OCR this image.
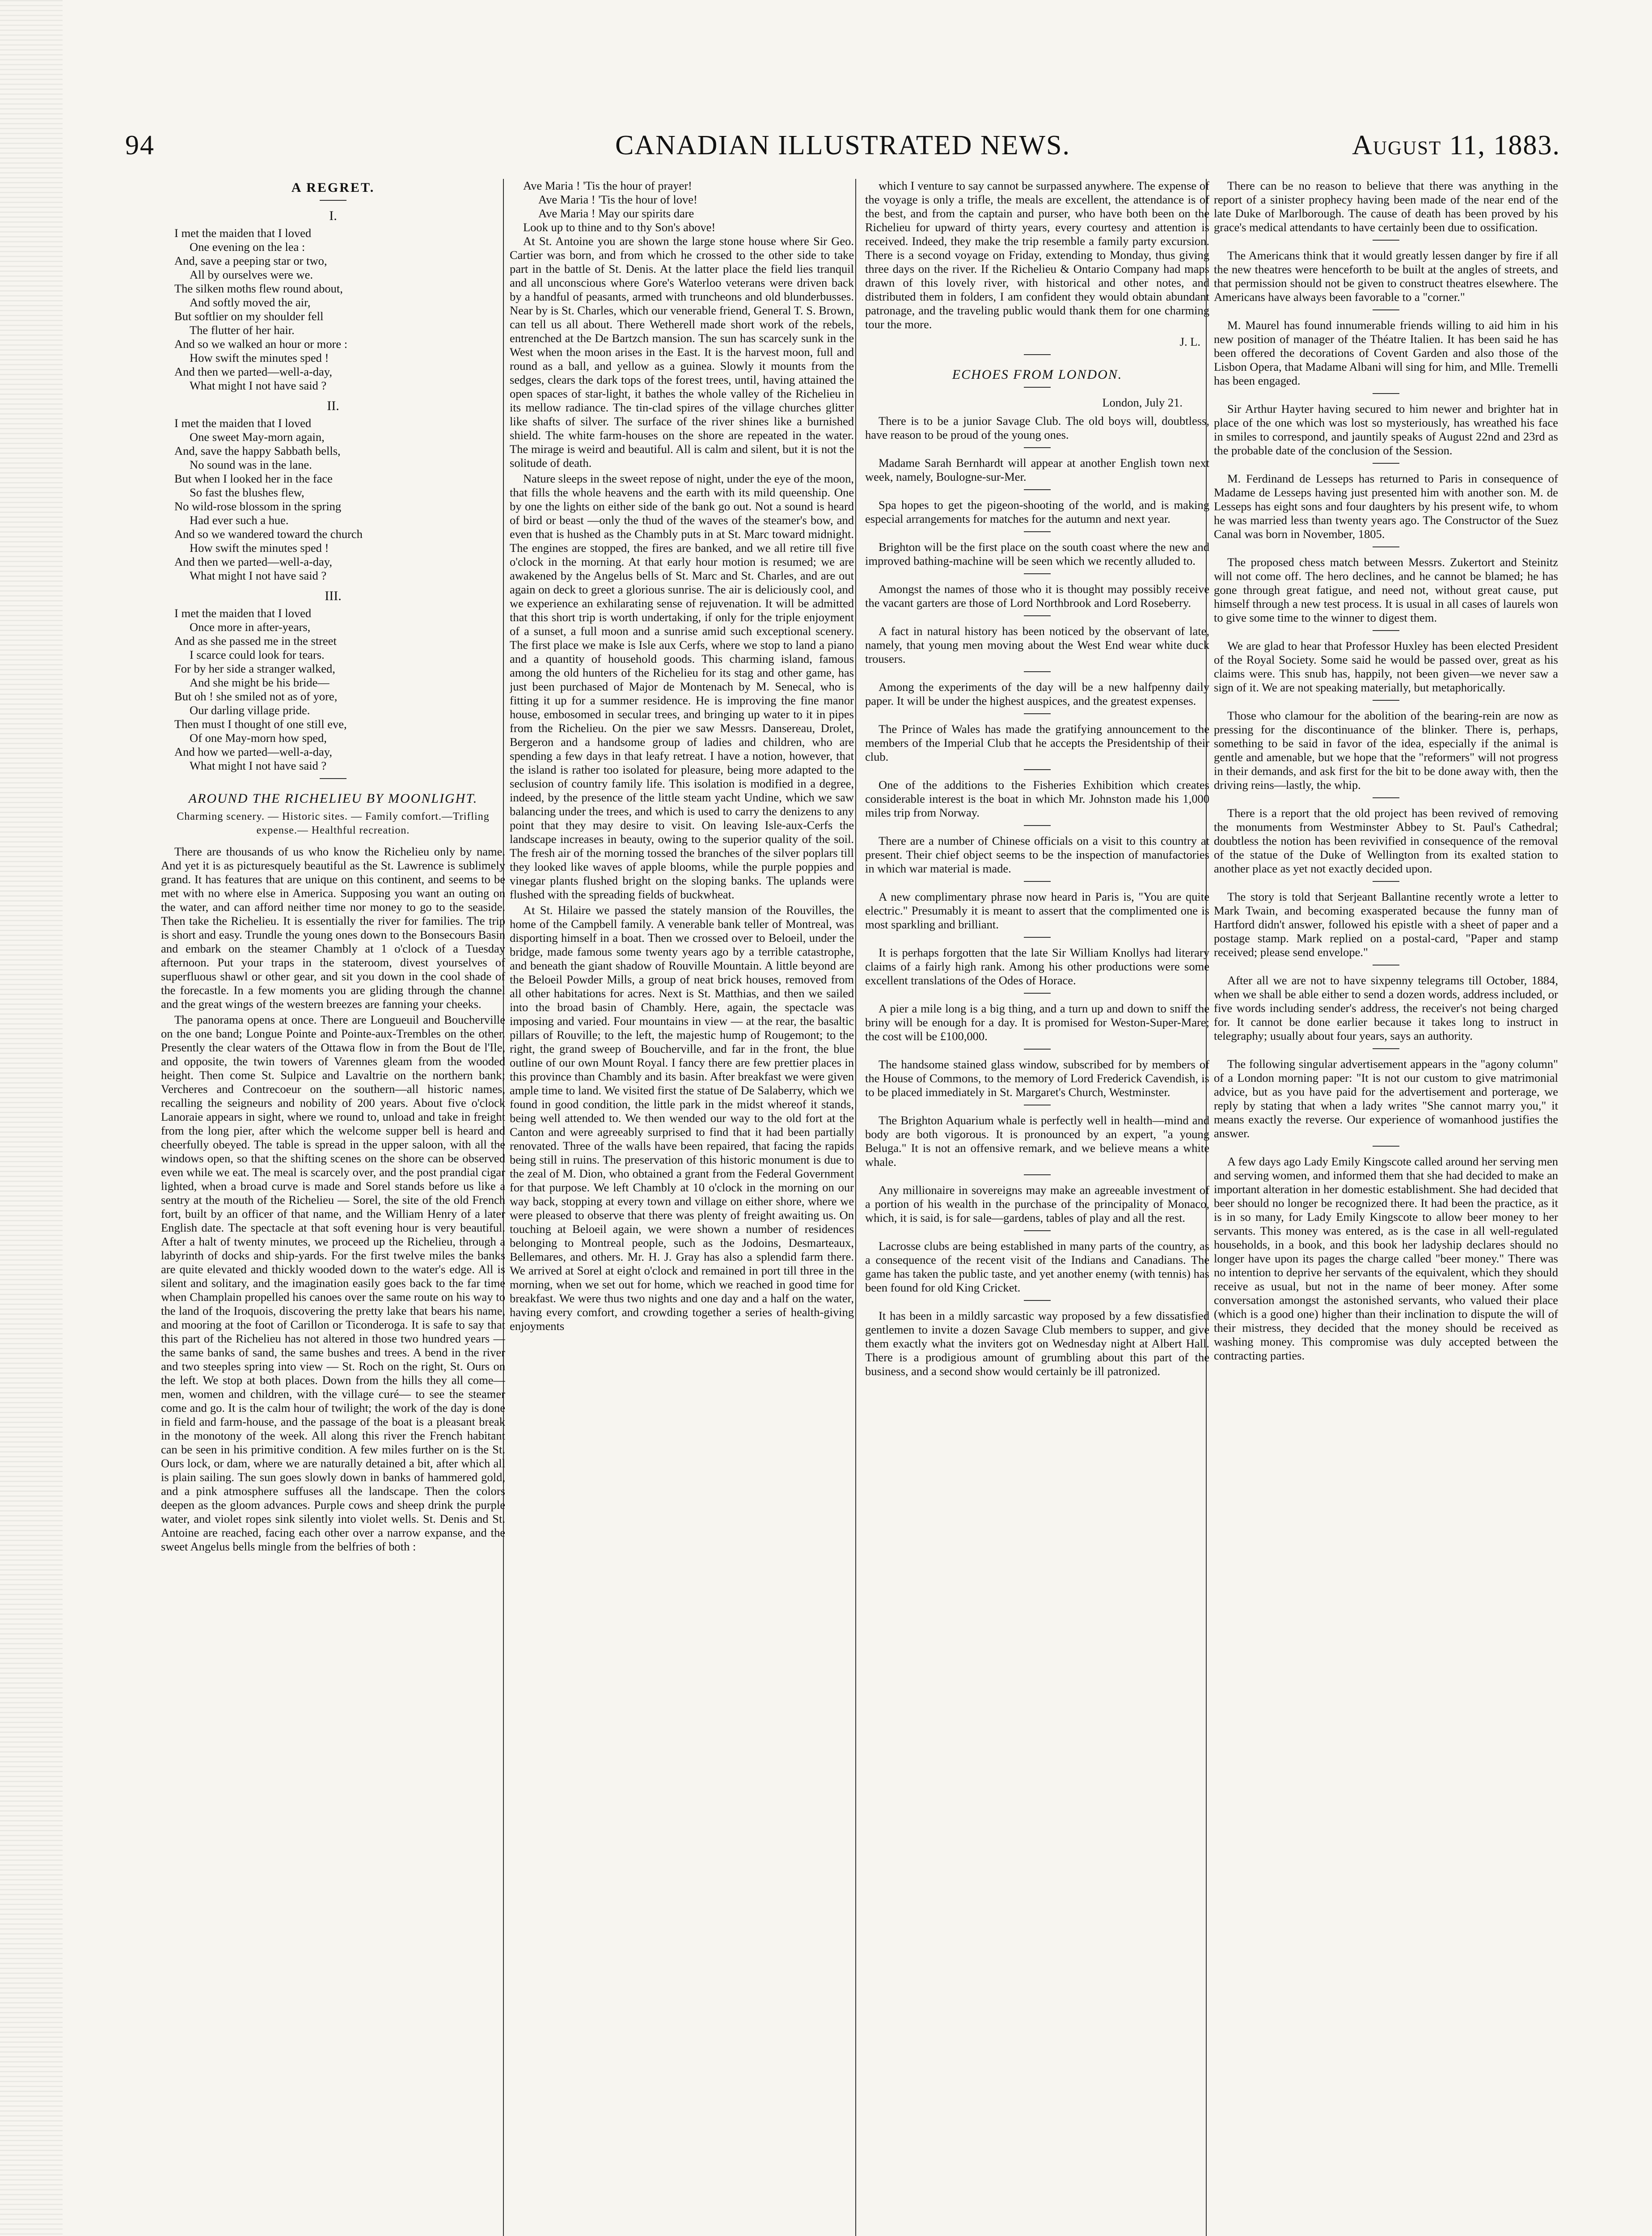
94	CANADIAN ILLUSTRATED NEWS.	August 11, 1883.
A REGRET.
I.
I met the maiden that I loved
One evening on the lea :
And, save a peeping star or two,
All by ourselves were we.
The silken moths flew round about,
And softly moved the air,
But softlier on my shoulder fell
The flutter of her hair.
And so we walked an hour or more :
How swift the minutes sped !
And then we parted—well-a-day,
What might I not have said ?
II.
I met the maiden that I loved
One sweet May-morn again,
And, save the happy Sabbath bells,
No sound was in the lane.
But when I looked her in the face
So fast the blushes flew,
No wild-rose blossom in the spring
Had ever such a hue.
And so we wandered toward the church
How swift the minutes sped !
And then we parted—well-a-day,
What might I not have said ?
III.
I met the maiden that I loved
Once more in after-years,
And as she passed me in the street
I scarce could look for tears.
For by her side a stranger walked,
And she might be his bride—
But oh ! she smiled not as of yore,
Our darling village pride.
Then must I thought of one still eve,
Of one May-morn how sped,
And how we parted—well-a-day,
What might I not have said ?
AROUND THE RICHELIEU BY MOONLIGHT.
Charming scenery. — Historic sites. — Family comfort.—Trifling expense.— Healthful recreation.

There are thousands of us who know the Richelieu only by name. And yet it is as picturesquely beautiful as the St. Lawrence is sublimely grand. It has features that are unique on this continent, and seems to be met with no where else in America. Supposing you want an outing on the water, and can afford neither time nor money to go to the seaside. Then take the Richelieu. It is essentially the river for families. The trip is short and easy. Trundle the young ones down to the Bonsecours Basin and embark on the steamer Chambly at 1 o'clock of a Tuesday afternoon. Put your traps in the stateroom, divest yourselves of superfluous shawl or other gear, and sit you down in the cool shade of the forecastle. In a few moments you are gliding through the channel and the great wings of the western breezes are fanning your cheeks.

The panorama opens at once. There are Longueuil and Boucherville on the one band; Longue Pointe and Pointe-aux-Trembles on the other. Presently the clear waters of the Ottawa flow in from the Bout de l'Ile, and opposite, the twin towers of Varennes gleam from the wooded height. Then come St. Sulpice and Lavaltrie on the northern bank; Vercheres and Contrecoeur on the southern—all historic names, recalling the seigneurs and nobility of 200 years. About five o'clock Lanoraie appears in sight, where we round to, unload and take in freight from the long pier, after which the welcome supper bell is heard and cheerfully obeyed. The table is spread in the upper saloon, with all the windows open, so that the shifting scenes on the shore can be observed even while we eat. The meal is scarcely over, and the post prandial cigar lighted, when a broad curve is made and Sorel stands before us like a sentry at the mouth of the Richelieu — Sorel, the site of the old French fort, built by an officer of that name, and the William Henry of a later English date. The spectacle at that soft evening hour is very beautiful. After a halt of twenty minutes, we proceed up the Richelieu, through a labyrinth of docks and ship-yards. For the first twelve miles the banks are quite elevated and thickly wooded down to the water's edge. All is silent and solitary, and the imagination easily goes back to the far time when Champlain propelled his canoes over the same route on his way to the land of the Iroquois, discovering the pretty lake that bears his name, and mooring at the foot of Carillon or Ticonderoga. It is safe to say that this part of the Richelieu has not altered in those two hundred years — the same banks of sand, the same bushes and trees. A bend in the river and two steeples spring into view — St. Roch on the right, St. Ours on the left. We stop at both places. Down from the hills they all come—men, women and children, with the village curé— to see the steamer come and go. It is the calm hour of twilight; the work of the day is done in field and farm-house, and the passage of the boat is a pleasant break in the monotony of the week. All along this river the French habitant can be seen in his primitive condition. A few miles further on is the St. Ours lock, or dam, where we are naturally detained a bit, after which all is plain sailing. The sun goes slowly down in banks of hammered gold, and a pink atmosphere suffuses all the landscape. Then the colors deepen as the gloom advances. Purple cows and sheep drink the purple water, and violet ropes sink silently into violet wells. St. Denis and St. Antoine are reached, facing each other over a narrow expanse, and the sweet Angelus bells mingle from the belfries of both :

Ave Maria ! 'Tis the hour of prayer!
Ave Maria ! 'Tis the hour of love!
Ave Maria ! May our spirits dare
Look up to thine and to thy Son's above!

At St. Antoine you are shown the large stone house where Sir Geo. Cartier was born, and from which he crossed to the other side to take part in the battle of St. Denis. At the latter place the field lies tranquil and all unconscious where Gore's Waterloo veterans were driven back by a handful of peasants, armed with truncheons and old blunderbusses. Near by is St. Charles, which our venerable friend, General T. S. Brown, can tell us all about. There Wetherell made short work of the rebels, entrenched at the De Bartzch mansion. The sun has scarcely sunk in the West when the moon arises in the East. It is the harvest moon, full and round as a ball, and yellow as a guinea. Slowly it mounts from the sedges, clears the dark tops of the forest trees, until, having attained the open spaces of star-light, it bathes the whole valley of the Richelieu in its mellow radiance. The tin-clad spires of the village churches glitter like shafts of silver. The surface of the river shines like a burnished shield. The white farm-houses on the shore are repeated in the water. The mirage is weird and beautiful. All is calm and silent, but it is not the solitude of death.

Nature sleeps in the sweet repose of night, under the eye of the moon, that fills the whole heavens and the earth with its mild queenship. One by one the lights on either side of the bank go out. Not a sound is heard of bird or beast —only the thud of the waves of the steamer's bow, and even that is hushed as the Chambly puts in at St. Marc toward midnight. The engines are stopped, the fires are banked, and we all retire till five o'clock in the morning. At that early hour motion is resumed; we are awakened by the Angelus bells of St. Marc and St. Charles, and are out again on deck to greet a glorious sunrise. The air is deliciously cool, and we experience an exhilarating sense of rejuvenation. It will be admitted that this short trip is worth undertaking, if only for the triple enjoyment of a sunset, a full moon and a sunrise amid such exceptional scenery. The first place we make is Isle aux Cerfs, where we stop to land a piano and a quantity of household goods. This charming island, famous among the old hunters of the Richelieu for its stag and other game, has just been purchased of Major de Montenach by M. Senecal, who is fitting it up for a summer residence. He is improving the fine manor house, embosomed in secular trees, and bringing up water to it in pipes from the Richelieu. On the pier we saw Messrs. Dansereau, Drolet, Bergeron and a handsome group of ladies and children, who are spending a few days in that leafy retreat. I have a notion, however, that the island is rather too isolated for pleasure, being more adapted to the seclusion of country family life. This isolation is modified in a degree, indeed, by the presence of the little steam yacht Undine, which we saw balancing under the trees, and which is used to carry the denizens to any point that they may desire to visit. On leaving Isle-aux-Cerfs the landscape increases in beauty, owing to the superior quality of the soil. The fresh air of the morning tossed the branches of the silver poplars till they looked like waves of apple blooms, while the purple poppies and vinegar plants flushed bright on the sloping banks. The uplands were flushed with the spreading fields of buckwheat.

At St. Hilaire we passed the stately mansion of the Rouvilles, the home of the Campbell family. A venerable bank teller of Montreal, was disporting himself in a boat. Then we crossed over to Beloeil, under the bridge, made famous some twenty years ago by a terrible catastrophe, and beneath the giant shadow of Rouville Mountain. A little beyond are the Beloeil Powder Mills, a group of neat brick houses, removed from all other habitations for acres. Next is St. Matthias, and then we sailed into the broad basin of Chambly. Here, again, the spectacle was imposing and varied. Four mountains in view — at the rear, the basaltic pillars of Rouville; to the left, the majestic hump of Rougemont; to the right, the grand sweep of Boucherville, and far in the front, the blue outline of our own Mount Royal. I fancy there are few prettier places in this province than Chambly and its basin. After breakfast we were given ample time to land. We visited first the statue of De Salaberry, which we found in good condition, the little park in the midst whereof it stands, being well attended to. We then wended our way to the old fort at the Canton and were agreeably surprised to find that it had been partially renovated. Three of the walls have been repaired, that facing the rapids being still in ruins. The preservation of this historic monument is due to the zeal of M. Dion, who obtained a grant from the Federal Government for that purpose. We left Chambly at 10 o'clock in the morning on our way back, stopping at every town and village on either shore, where we were pleased to observe that there was plenty of freight awaiting us. On touching at Beloeil again, we were shown a number of residences belonging to Montreal people, such as the Jodoins, Desmarteaux, Bellemares, and others. Mr. H. J. Gray has also a splendid farm there. We arrived at Sorel at eight o'clock and remained in port till three in the morning, when we set out for home, which we reached in good time for breakfast. We were thus two nights and one day and a half on the water, having every comfort, and crowding together a series of health-giving enjoyments

which I venture to say cannot be surpassed anywhere. The expense of the voyage is only a trifle, the meals are excellent, the attendance is of the best, and from the captain and purser, who have both been on the Richelieu for upward of thirty years, every courtesy and attention is received. Indeed, they make the trip resemble a family party excursion. There is a second voyage on Friday, extending to Monday, thus giving three days on the river. If the Richelieu & Ontario Company had maps drawn of this lovely river, with historical and other notes, and distributed them in folders, I am confident they would obtain abundant patronage, and the traveling public would thank them for one charming tour the more.

J. L.
ECHOES FROM LONDON.
London, July 21.

There is to be a junior Savage Club. The old boys will, doubtless, have reason to be proud of the young ones.

Madame Sarah Bernhardt will appear at another English town next week, namely, Boulogne-sur-Mer.

Spa hopes to get the pigeon-shooting of the world, and is making especial arrangements for matches for the autumn and next year.

Brighton will be the first place on the south coast where the new and improved bathing-machine will be seen which we recently alluded to.

Amongst the names of those who it is thought may possibly receive the vacant garters are those of Lord Northbrook and Lord Roseberry.

A fact in natural history has been noticed by the observant of late, namely, that young men moving about the West End wear white duck trousers.

Among the experiments of the day will be a new halfpenny daily paper. It will be under the highest auspices, and the greatest expenses.

The Prince of Wales has made the gratifying announcement to the members of the Imperial Club that he accepts the Presidentship of their club.

One of the additions to the Fisheries Exhibition which creates considerable interest is the boat in which Mr. Johnston made his 1,000 miles trip from Norway.

There are a number of Chinese officials on a visit to this country at present. Their chief object seems to be the inspection of manufactories in which war material is made.

A new complimentary phrase now heard in Paris is, "You are quite electric." Presumably it is meant to assert that the complimented one is most sparkling and brilliant.

It is perhaps forgotten that the late Sir William Knollys had literary claims of a fairly high rank. Among his other productions were some excellent translations of the Odes of Horace.

A pier a mile long is a big thing, and a turn up and down to sniff the briny will be enough for a day. It is promised for Weston-Super-Mare; the cost will be £100,000.

The handsome stained glass window, subscribed for by members of the House of Commons, to the memory of Lord Frederick Cavendish, is to be placed immediately in St. Margaret's Church, Westminster.

The Brighton Aquarium whale is perfectly well in health—mind and body are both vigorous. It is pronounced by an expert, "a young Beluga." It is not an offensive remark, and we believe means a white whale.

Any millionaire in sovereigns may make an agreeable investment of a portion of his wealth in the purchase of the principality of Monaco, which, it is said, is for sale—gardens, tables of play and all the rest.

Lacrosse clubs are being established in many parts of the country, as a consequence of the recent visit of the Indians and Canadians. The game has taken the public taste, and yet another enemy (with tennis) has been found for old King Cricket.

It has been in a mildly sarcastic way proposed by a few dissatisfied gentlemen to invite a dozen Savage Club members to supper, and give them exactly what the inviters got on Wednesday night at Albert Hall. There is a prodigious amount of grumbling about this part of the business, and a second show would certainly be ill patronized.

There can be no reason to believe that there was anything in the report of a sinister prophecy having been made of the near end of the late Duke of Marlborough. The cause of death has been proved by his grace's medical attendants to have certainly been due to ossification.

The Americans think that it would greatly lessen danger by fire if all the new theatres were henceforth to be built at the angles of streets, and that permission should not be given to construct theatres elsewhere. The Americans have always been favorable to a "corner."

M. Maurel has found innumerable friends willing to aid him in his new position of manager of the Théatre Italien. It has been said he has been offered the decorations of Covent Garden and also those of the Lisbon Opera, that Madame Albani will sing for him, and Mlle. Tremelli has been engaged.

Sir Arthur Hayter having secured to him newer and brighter hat in place of the one which was lost so mysteriously, has wreathed his face in smiles to correspond, and jauntily speaks of August 22nd and 23rd as the probable date of the conclusion of the Session.

M. Ferdinand de Lesseps has returned to Paris in consequence of Madame de Lesseps having just presented him with another son. M. de Lesseps has eight sons and four daughters by his present wife, to whom he was married less than twenty years ago. The Constructor of the Suez Canal was born in November, 1805.

The proposed chess match between Messrs. Zukertort and Steinitz will not come off. The hero declines, and he cannot be blamed; he has gone through great fatigue, and need not, without great cause, put himself through a new test process. It is usual in all cases of laurels won to give some time to the winner to digest them.

We are glad to hear that Professor Huxley has been elected President of the Royal Society. Some said he would be passed over, great as his claims were. This snub has, happily, not been given—we never saw a sign of it. We are not speaking materially, but metaphorically.

Those who clamour for the abolition of the bearing-rein are now as pressing for the discontinuance of the blinker. There is, perhaps, something to be said in favor of the idea, especially if the animal is gentle and amenable, but we hope that the "reformers" will not progress in their demands, and ask first for the bit to be done away with, then the driving reins—lastly, the whip.

There is a report that the old project has been revived of removing the monuments from Westminster Abbey to St. Paul's Cathedral; doubtless the notion has been revivified in consequence of the removal of the statue of the Duke of Wellington from its exalted station to another place as yet not exactly decided upon.

The story is told that Serjeant Ballantine recently wrote a letter to Mark Twain, and becoming exasperated because the funny man of Hartford didn't answer, followed his epistle with a sheet of paper and a postage stamp. Mark replied on a postal-card, "Paper and stamp received; please send envelope."

After all we are not to have sixpenny telegrams till October, 1884, when we shall be able either to send a dozen words, address included, or five words including sender's address, the receiver's not being charged for. It cannot be done earlier because it takes long to instruct in telegraphy; usually about four years, says an authority.

The following singular advertisement appears in the "agony column" of a London morning paper: "It is not our custom to give matrimonial advice, but as you have paid for the advertisement and porterage, we reply by stating that when a lady writes "She cannot marry you," it means exactly the reverse. Our experience of womanhood justifies the answer.

A few days ago Lady Emily Kingscote called around her serving men and serving women, and informed them that she had decided to make an important alteration in her domestic establishment. She had decided that beer should no longer be recognized there. It had been the practice, as it is in so many, for Lady Emily Kingscote to allow beer money to her servants. This money was entered, as is the case in all well-regulated households, in a book, and this book her ladyship declares should no longer have upon its pages the charge called "beer money." There was no intention to deprive her servants of the equivalent, which they should receive as usual, but not in the name of beer money. After some conversation amongst the astonished servants, who valued their place (which is a good one) higher than their inclination to dispute the will of their mistress, they decided that the money should be received as washing money. This compromise was duly accepted between the contracting parties.
